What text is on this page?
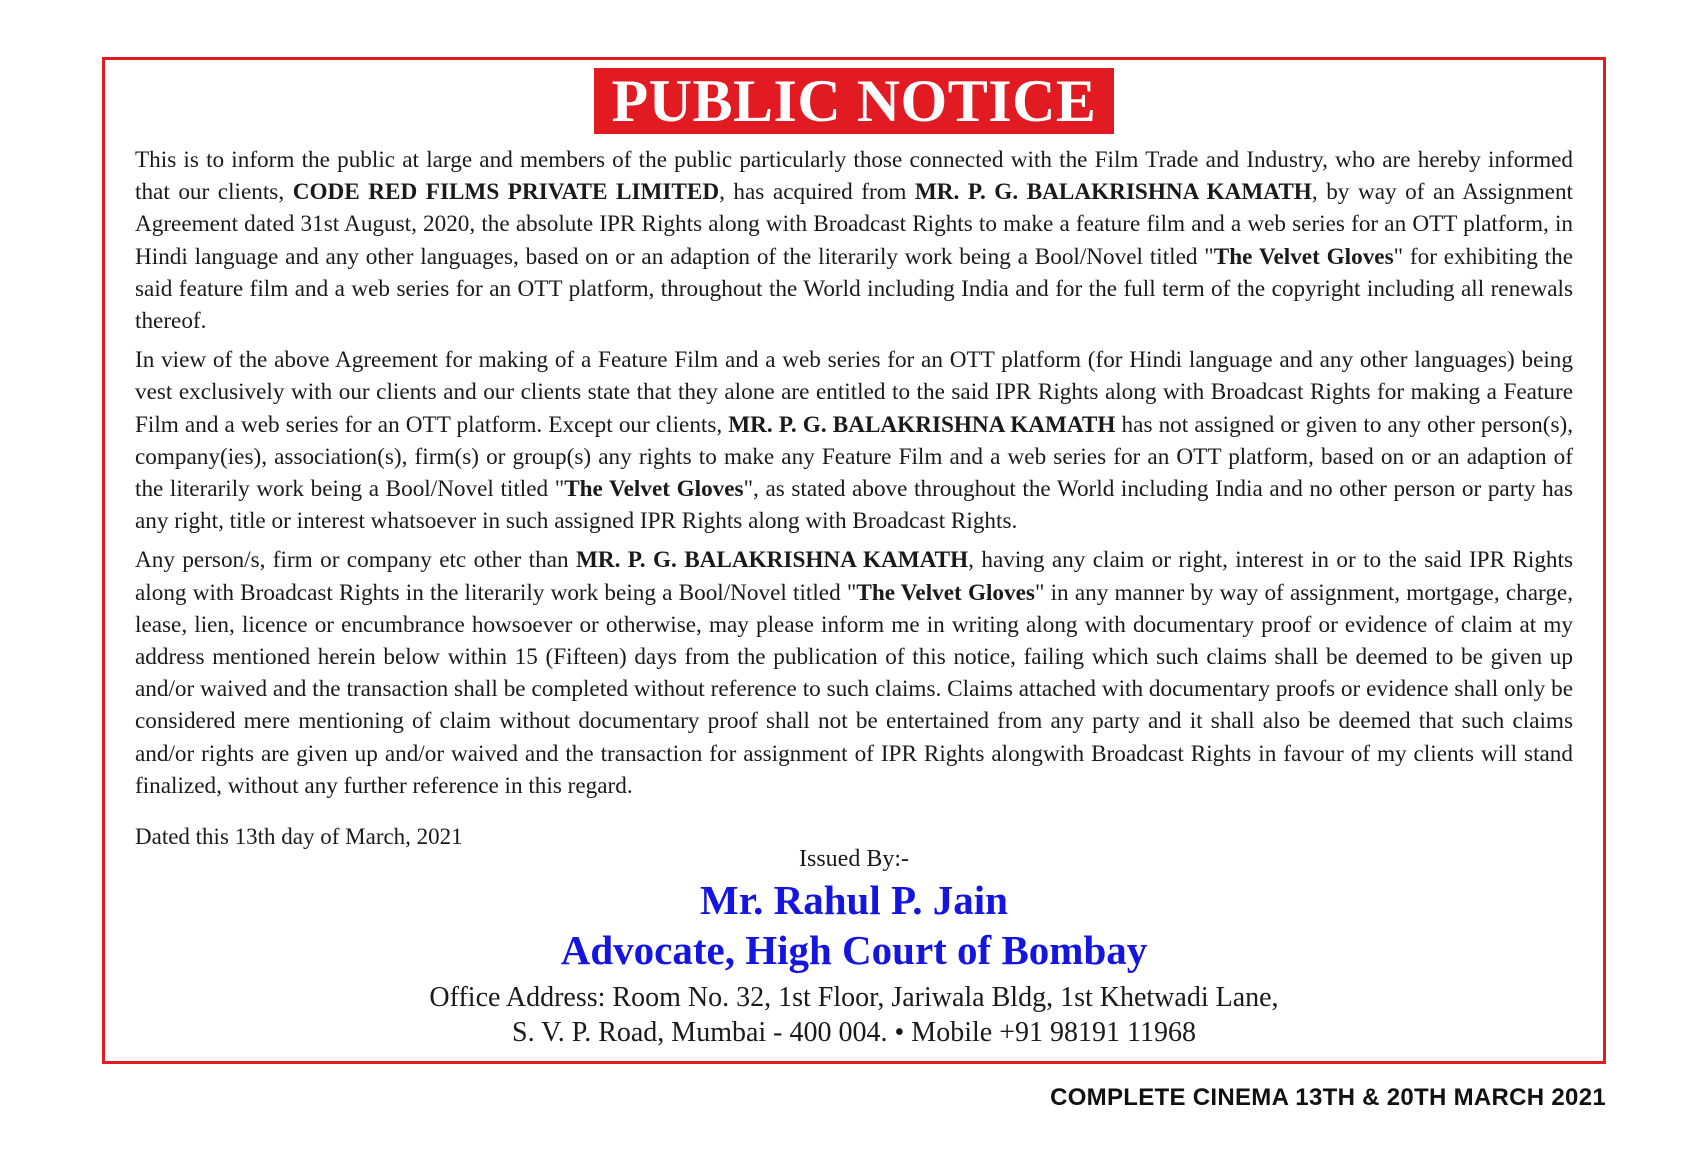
PUBLIC NOTICE

This is to inform the public at large and members of the public particularly those connected with the Film Trade and Industry, who are hereby informed that our clients, CODE RED FILMS PRIVATE LIMITED, has acquired from MR. P. G. BALAKRISHNA KAMATH, by way of an Assignment Agreement dated 31st August, 2020, the absolute IPR Rights along with Broadcast Rights to make a feature film and a web series for an OTT platform, in Hindi language and any other languages, based on or an adaption of the literarily work being a Bool/Novel titled "The Velvet Gloves" for exhibiting the said feature film and a web series for an OTT platform, throughout the World including India and for the full term of the copyright including all renewals thereof.

In view of the above Agreement for making of a Feature Film and a web series for an OTT platform (for Hindi language and any other languages) being vest exclusively with our clients and our clients state that they alone are entitled to the said IPR Rights along with Broadcast Rights for making a Feature Film and a web series for an OTT platform. Except our clients, MR. P. G. BALAKRISHNA KAMATH has not assigned or given to any other person(s), company(ies), association(s), firm(s) or group(s) any rights to make any Feature Film and a web series for an OTT platform, based on or an adaption of the literarily work being a Bool/Novel titled "The Velvet Gloves", as stated above throughout the World including India and no other person or party has any right, title or interest whatsoever in such assigned IPR Rights along with Broadcast Rights.

Any person/s, firm or company etc other than MR. P. G. BALAKRISHNA KAMATH, having any claim or right, interest in or to the said IPR Rights along with Broadcast Rights in the literarily work being a Bool/Novel titled "The Velvet Gloves" in any manner by way of assignment, mortgage, charge, lease, lien, licence or encumbrance howsoever or otherwise, may please inform me in writing along with documentary proof or evidence of claim at my address mentioned herein below within 15 (Fifteen) days from the publication of this notice, failing which such claims shall be deemed to be given up and/or waived and the transaction shall be completed without reference to such claims. Claims attached with documentary proofs or evidence shall only be considered mere mentioning of claim without documentary proof shall not be entertained from any party and it shall also be deemed that such claims and/or rights are given up and/or waived and the transaction for assignment of IPR Rights alongwith Broadcast Rights in favour of my clients will stand finalized, without any further reference in this regard.

Dated this 13th day of March, 2021
Issued By:-
Mr. Rahul P. Jain
Advocate, High Court of Bombay
Office Address: Room No. 32, 1st Floor, Jariwala Bldg, 1st Khetwadi Lane,
S. V. P. Road, Mumbai - 400 004. • Mobile +91 98191 11968
COMPLETE CINEMA 13TH & 20TH MARCH 2021
